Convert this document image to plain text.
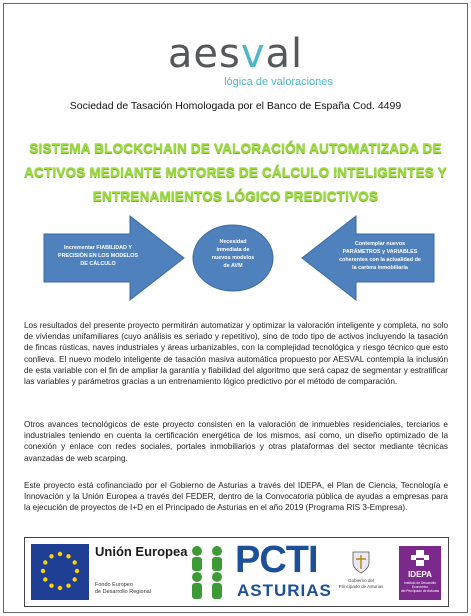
aesval
lógica de valoraciones
Sociedad de Tasación Homologada por el Banco de España Cod. 4499
SISTEMA BLOCKCHAIN DE VALORACIÓN AUTOMATIZADA DE
ACTIVOS MEDIANTE MOTORES DE CÁLCULO INTELIGENTES Y
ENTRENAMIENTOS LÓGICO PREDICTIVOS
Incrementar FIABILIDAD Y
PRECISIÓN EN LOS MODELOS
DE CÁLCULO
Necesidad
inmediata de
nuevos modelos
de AVM
Contemplar nuevos
PARÁMETROS y VARIABLES
coherentes con la actualidad de
la cartera inmobiliaria

Los resultados del presente proyecto permitirán automatizar y optimizar la valoración inteligente y completa, no solo de viviendas unifamiliares (cuyo análisis es seriado y repetitivo), sino de todo tipo de activos incluyendo la tasación de fincas rústicas, naves industriales y áreas urbanizables, con la complejidad tecnológica y riesgo técnico que esto conlleva. El nuevo modelo inteligente de tasación masiva automática propuesto por AESVAL contempla la inclusión de esta variable con el fin de ampliar la garantía y fiabilidad del algoritmo que será capaz de segmentar y estratificar las variables y parámetros gracias a un entrenamiento lógico predictivo por el método de comparación.

Otros avances tecnológicos de este proyecto consisten en la valoración de inmuebles residenciales, terciarios e industriales teniendo en cuenta la certificación energética de los mismos, así como, un diseño optimizado de la conexión y enlace con redes sociales, portales inmobiliarios y otras plataformas del sector mediante técnicas avanzadas de web scarping.

Este proyecto está cofinanciado por el Gobierno de Asturias a través del IDEPA, el Plan de Ciencia, Tecnología e Innovación y la Unión Europea a través del FEDER, dentro de la Convocatoria pública de ayudas a empresas para la ejecución de proyectos de I+D en el Principado de Asturias en el año 2019 (Programa RIS 3-Empresa).

Unión Europea
Fondo Europeo
de Desarrollo Regional
PCTI
ASTURIAS
Gobierno del
Principado de Asturias
IDEPA
Instituto de Desarrollo Económico
del Principado de Asturias
